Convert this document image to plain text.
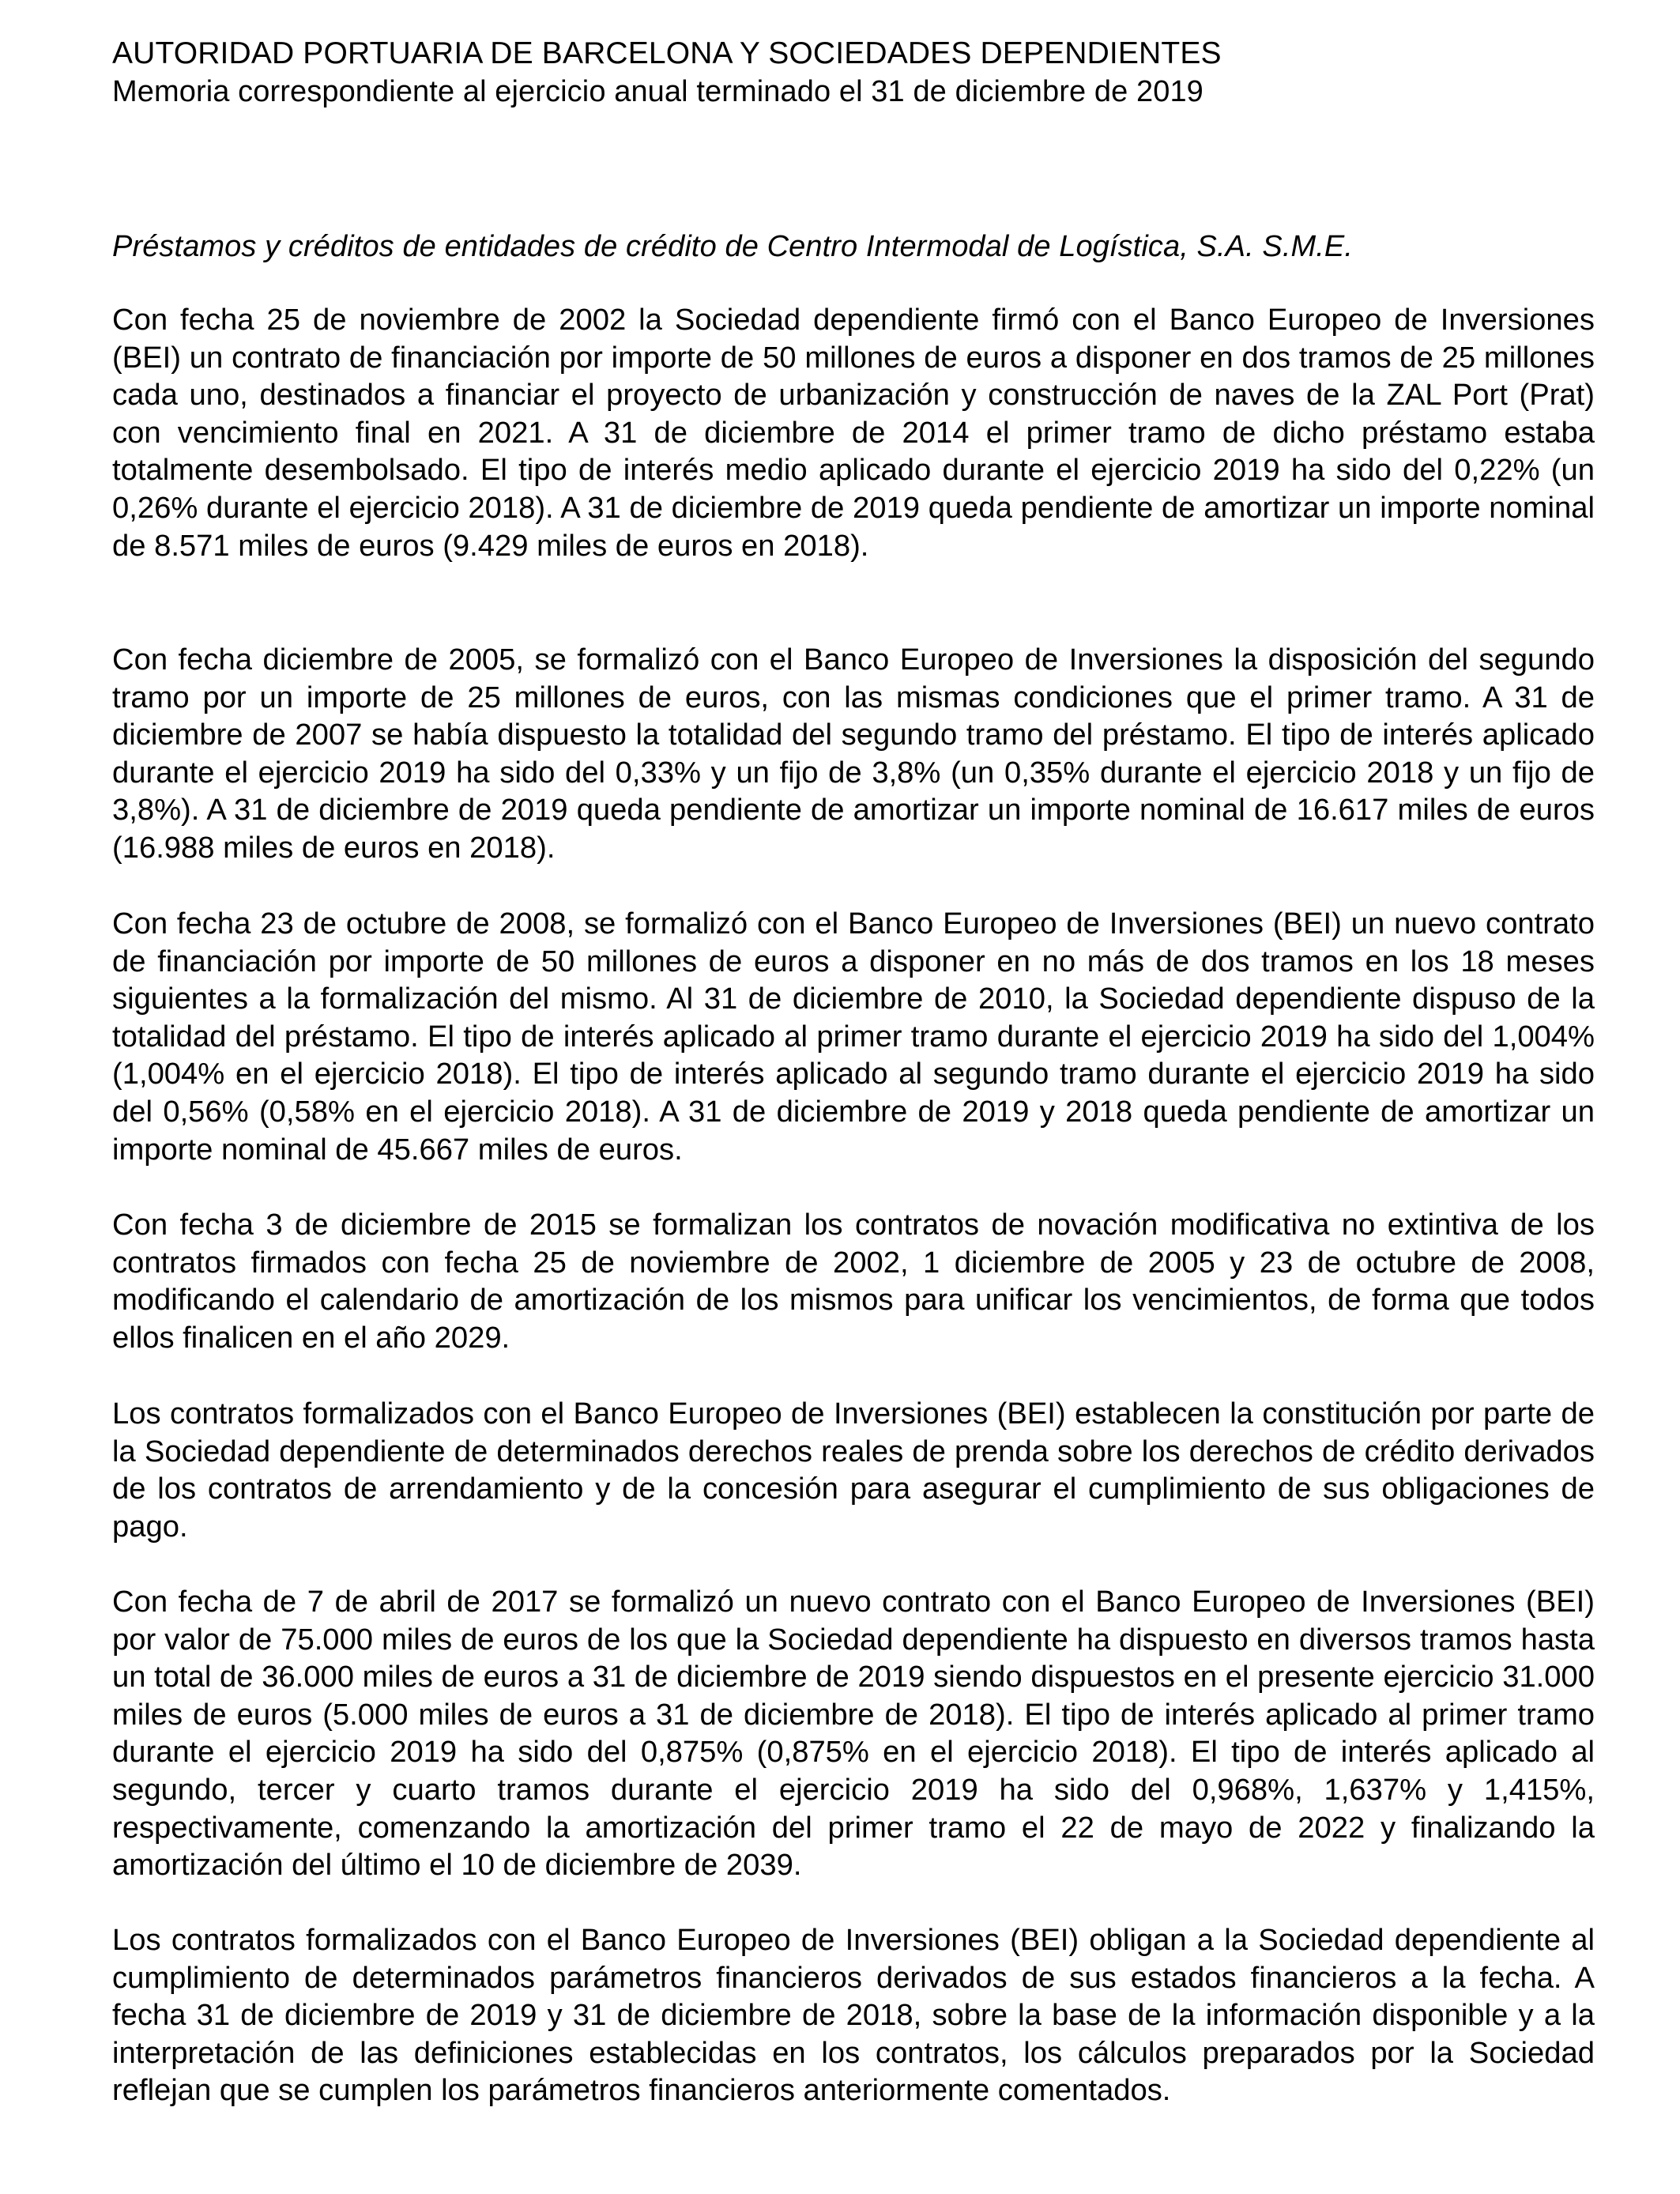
AUTORIDAD PORTUARIA DE BARCELONA Y SOCIEDADES DEPENDIENTES

Memoria correspondiente al ejercicio anual terminado el 31 de diciembre de 2019

Préstamos y créditos de entidades de crédito de Centro Intermodal de Logística, S.A. S.M.E.

Con fecha 25 de noviembre de 2002 la Sociedad dependiente firmó con el Banco Europeo de Inversiones (BEI) un contrato de financiación por importe de 50 millones de euros a disponer en dos tramos de 25 millones cada uno, destinados a financiar el proyecto de urbanización y construcción de naves de la ZAL Port (Prat) con vencimiento final en 2021. A 31 de diciembre de 2014 el primer tramo de dicho préstamo estaba totalmente desembolsado. El tipo de interés medio aplicado durante el ejercicio 2019 ha sido del 0,22% (un 0,26% durante el ejercicio 2018). A 31 de diciembre de 2019 queda pendiente de amortizar un importe nominal de 8.571 miles de euros (9.429 miles de euros en 2018).

Con fecha diciembre de 2005, se formalizó con el Banco Europeo de Inversiones la disposición del segundo tramo por un importe de 25 millones de euros, con las mismas condiciones que el primer tramo. A 31 de diciembre de 2007 se había dispuesto la totalidad del segundo tramo del préstamo. El tipo de interés aplicado durante el ejercicio 2019 ha sido del 0,33% y un fijo de 3,8% (un 0,35% durante el ejercicio 2018 y un fijo de 3,8%). A 31 de diciembre de 2019 queda pendiente de amortizar un importe nominal de 16.617 miles de euros (16.988 miles de euros en 2018).

Con fecha 23 de octubre de 2008, se formalizó con el Banco Europeo de Inversiones (BEI) un nuevo contrato de financiación por importe de 50 millones de euros a disponer en no más de dos tramos en los 18 meses siguientes a la formalización del mismo. Al 31 de diciembre de 2010, la Sociedad dependiente dispuso de la totalidad del préstamo. El tipo de interés aplicado al primer tramo durante el ejercicio 2019 ha sido del 1,004% (1,004% en el ejercicio 2018). El tipo de interés aplicado al segundo tramo durante el ejercicio 2019 ha sido del 0,56% (0,58% en el ejercicio 2018). A 31 de diciembre de 2019 y 2018 queda pendiente de amortizar un importe nominal de 45.667 miles de euros.

Con fecha 3 de diciembre de 2015 se formalizan los contratos de novación modificativa no extintiva de los contratos firmados con fecha 25 de noviembre de 2002, 1 diciembre de 2005 y 23 de octubre de 2008, modificando el calendario de amortización de los mismos para unificar los vencimientos, de forma que todos ellos finalicen en el año 2029.

Los contratos formalizados con el Banco Europeo de Inversiones (BEI) establecen la constitución por parte de la Sociedad dependiente de determinados derechos reales de prenda sobre los derechos de crédito derivados de los contratos de arrendamiento y de la concesión para asegurar el cumplimiento de sus obligaciones de pago.

Con fecha de 7 de abril de 2017 se formalizó un nuevo contrato con el Banco Europeo de Inversiones (BEI) por valor de 75.000 miles de euros de los que la Sociedad dependiente ha dispuesto en diversos tramos hasta un total de 36.000 miles de euros a 31 de diciembre de 2019 siendo dispuestos en el presente ejercicio 31.000 miles de euros (5.000 miles de euros a 31 de diciembre de 2018). El tipo de interés aplicado al primer tramo durante el ejercicio 2019 ha sido del 0,875% (0,875% en el ejercicio 2018). El tipo de interés aplicado al segundo, tercer y cuarto tramos durante el ejercicio 2019 ha sido del 0,968%, 1,637% y 1,415%, respectivamente, comenzando la amortización del primer tramo el 22 de mayo de 2022 y finalizando la amortización del último el 10 de diciembre de 2039.

Los contratos formalizados con el Banco Europeo de Inversiones (BEI) obligan a la Sociedad dependiente al cumplimiento de determinados parámetros financieros derivados de sus estados financieros a la fecha. A fecha 31 de diciembre de 2019 y 31 de diciembre de 2018, sobre la base de la información disponible y a la interpretación de las definiciones establecidas en los contratos, los cálculos preparados por la Sociedad reflejan que se cumplen los parámetros financieros anteriormente comentados.
